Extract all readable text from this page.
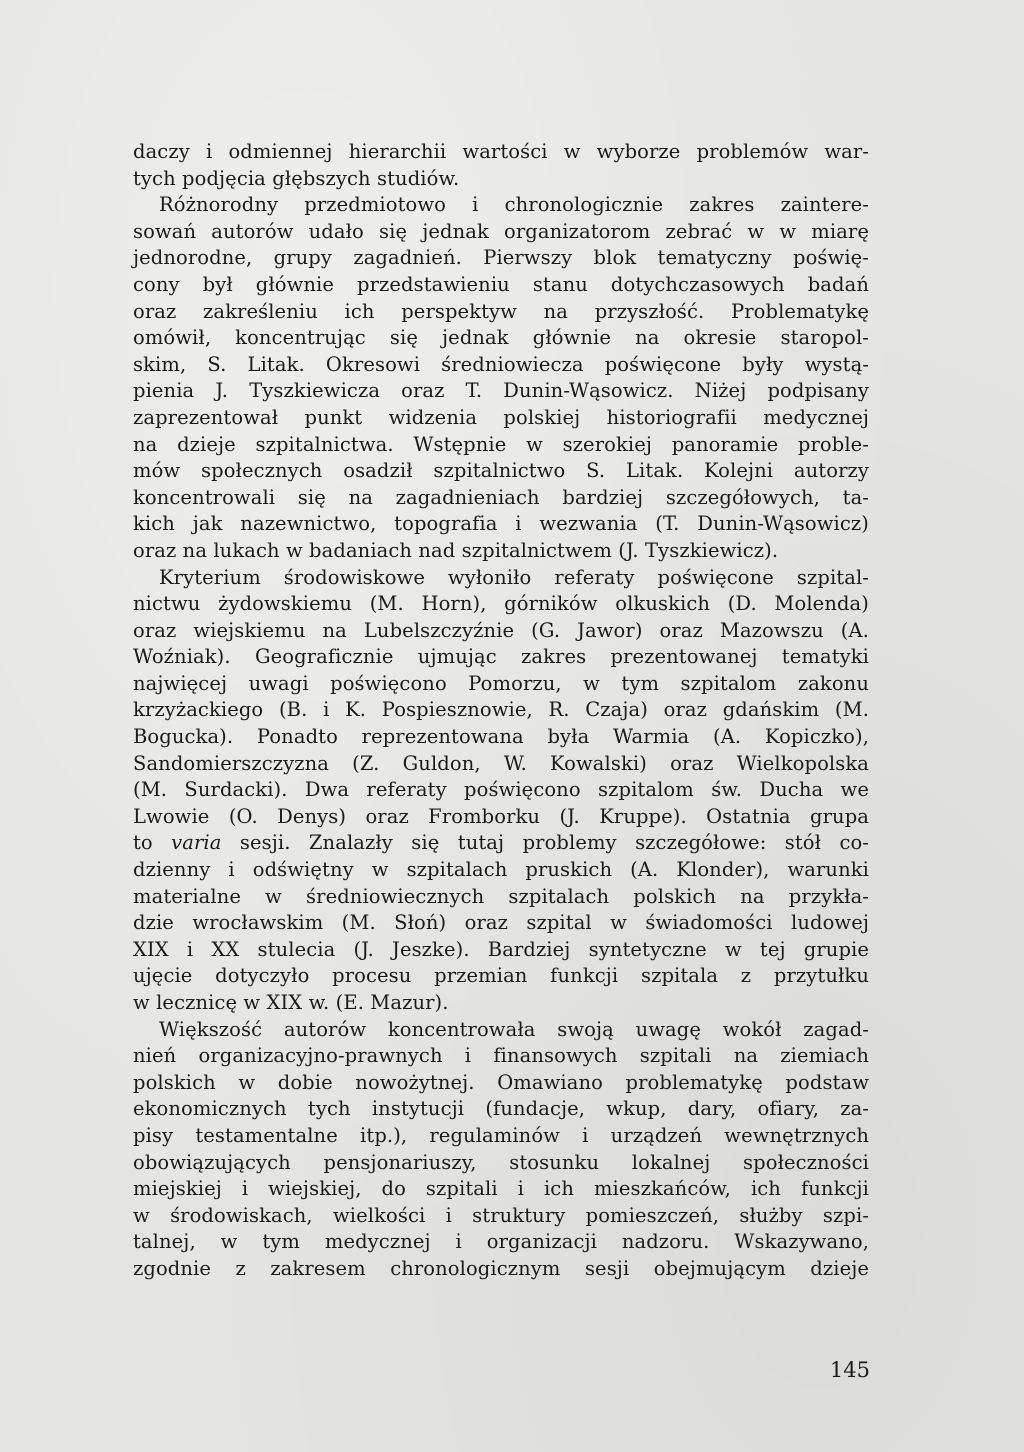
daczy i odmiennej hierarchii wartości w wyborze problemów war-
tych podjęcia głębszych studiów.
Różnorodny przedmiotowo i chronologicznie zakres zaintere-
sowań autorów udało się jednak organizatorom zebrać w w miarę
jednorodne, grupy zagadnień. Pierwszy blok tematyczny poświę-
cony był głównie przedstawieniu stanu dotychczasowych badań
oraz zakreśleniu ich perspektyw na przyszłość. Problematykę
omówił, koncentrując się jednak głównie na okresie staropol-
skim, S. Litak. Okresowi średniowiecza poświęcone były wystą-
pienia J. Tyszkiewicza oraz T. Dunin-Wąsowicz. Niżej podpisany
zaprezentował punkt widzenia polskiej historiografii medycznej
na dzieje szpitalnictwa. Wstępnie w szerokiej panoramie proble-
mów społecznych osadził szpitalnictwo S. Litak. Kolejni autorzy
koncentrowali się na zagadnieniach bardziej szczegółowych, ta-
kich jak nazewnictwo, topografia i wezwania (T. Dunin-Wąsowicz)
oraz na lukach w badaniach nad szpitalnictwem (J. Tyszkiewicz).
Kryterium środowiskowe wyłoniło referaty poświęcone szpital-
nictwu żydowskiemu (M. Horn), górników olkuskich (D. Molenda)
oraz wiejskiemu na Lubelszczyźnie (G. Jawor) oraz Mazowszu (A.
Woźniak). Geograficznie ujmując zakres prezentowanej tematyki
najwięcej uwagi poświęcono Pomorzu, w tym szpitalom zakonu
krzyżackiego (B. i K. Pospiesznowie, R. Czaja) oraz gdańskim (M.
Bogucka). Ponadto reprezentowana była Warmia (A. Kopiczko),
Sandomierszczyzna (Z. Guldon, W. Kowalski) oraz Wielkopolska
(M. Surdacki). Dwa referaty poświęcono szpitalom św. Ducha we
Lwowie (O. Denys) oraz Fromborku (J. Kruppe). Ostatnia grupa
to varia sesji. Znalazły się tutaj problemy szczegółowe: stół co-
dzienny i odświętny w szpitalach pruskich (A. Klonder), warunki
materialne w średniowiecznych szpitalach polskich na przykła-
dzie wrocławskim (M. Słoń) oraz szpital w świadomości ludowej
XIX i XX stulecia (J. Jeszke). Bardziej syntetyczne w tej grupie
ujęcie dotyczyło procesu przemian funkcji szpitala z przytułku
w lecznicę w XIX w. (E. Mazur).
Większość autorów koncentrowała swoją uwagę wokół zagad-
nień organizacyjno-prawnych i finansowych szpitali na ziemiach
polskich w dobie nowożytnej. Omawiano problematykę podstaw
ekonomicznych tych instytucji (fundacje, wkup, dary, ofiary, za-
pisy testamentalne itp.), regulaminów i urządzeń wewnętrznych
obowiązujących pensjonariuszy, stosunku lokalnej społeczności
miejskiej i wiejskiej, do szpitali i ich mieszkańców, ich funkcji
w środowiskach, wielkości i struktury pomieszczeń, służby szpi-
talnej, w tym medycznej i organizacji nadzoru. Wskazywano,
zgodnie z zakresem chronologicznym sesji obejmującym dzieje
145
